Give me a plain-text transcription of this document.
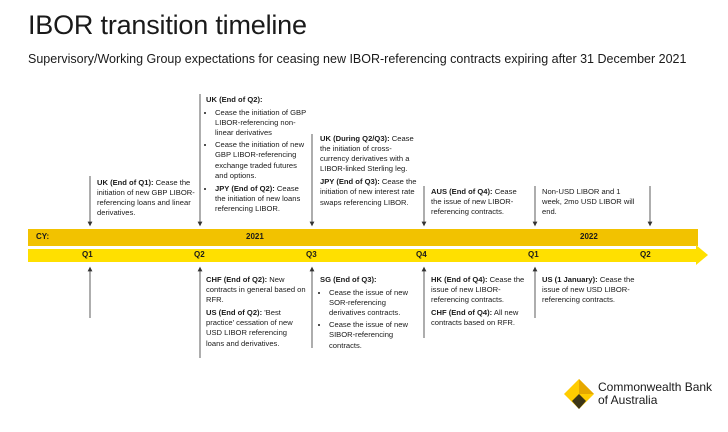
IBOR transition timeline

Supervisory/Working Group expectations for ceasing new IBOR-referencing contracts expiring after 31 December 2021

UK (End of Q1): Cease the initiation of new GBP LIBOR-referencing loans and linear derivatives.

UK (End of Q2):

• Cease the initiation of GBP LIBOR-referencing non-linear derivatives
• Cease the initiation of new GBP LIBOR-referencing exchange traded futures and options.
• JPY (End of Q2): Cease the initiation of new loans referencing LIBOR.

UK (During Q2/Q3): Cease the initiation of cross-currency derivatives with a LIBOR-linked Sterling leg.

JPY (End of Q3): Cease the initiation of new interest rate swaps referencing LIBOR.

AUS (End of Q4): Cease the issue of new LIBOR-referencing contracts.
Non-USD LIBOR and 1 week, 2mo USD LIBOR will end.
CY:	2021	2022
Q1	Q2	Q3	Q4	Q1	Q2

CHF (End of Q2): New contracts in general based on RFR.

US (End of Q2): 'Best practice' cessation of new USD LIBOR referencing loans and derivatives.

SG (End of Q3):

• Cease the issue of new SOR-referencing derivatives contracts.
• Cease the issue of new SIBOR-referencing contracts.

HK (End of Q4): Cease the issue of new LIBOR-referencing contracts.

CHF (End of Q4): All new contracts based on RFR.

US (1 January): Cease the issue of new USD LIBOR-referencing contracts.
Commonwealth Bank
of Australia
